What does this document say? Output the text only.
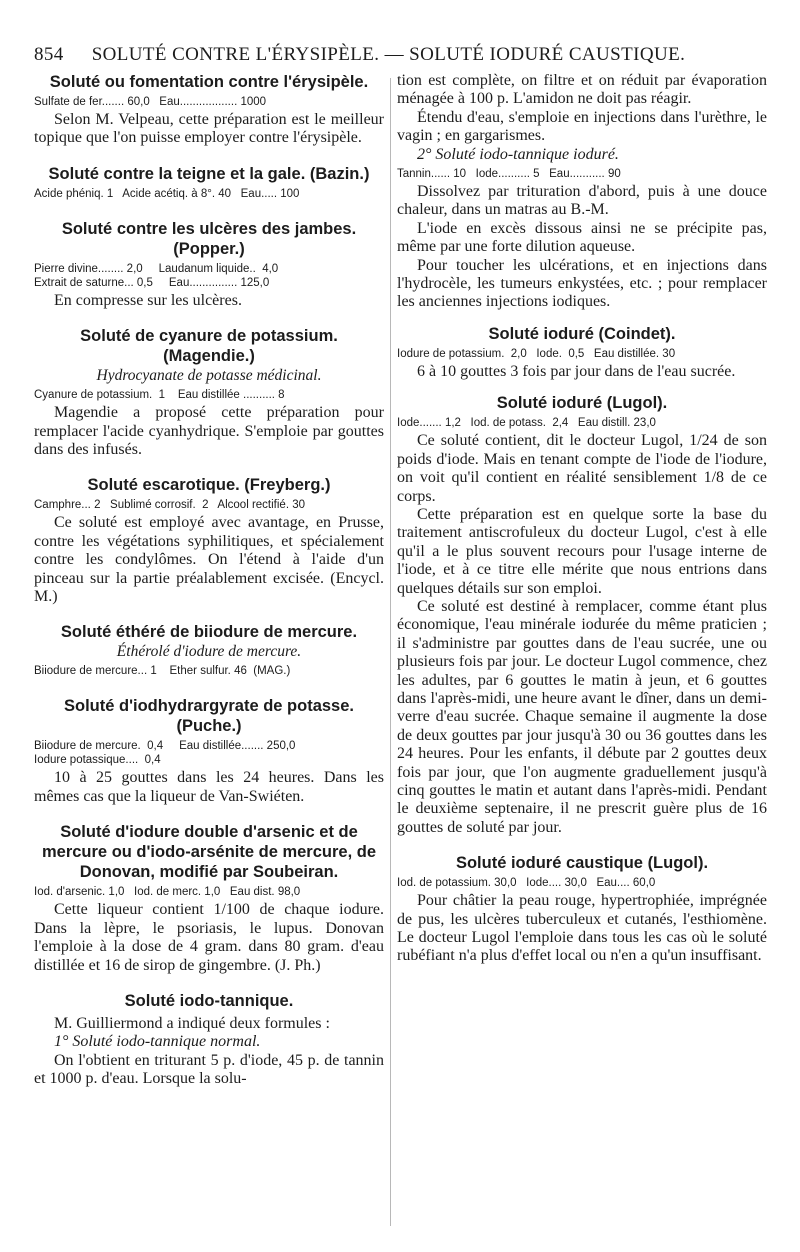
854 SOLUTÉ CONTRE L'ÉRYSIPÈLE. — SOLUTÉ IODURÉ CAUSTIQUE.
Soluté ou fomentation contre l'érysipèle.
Sulfate de fer....... 60,0   Eau.................. 1000

Selon M. Velpeau, cette préparation est le meilleur topique que l'on puisse employer contre l'érysipèle.

Soluté contre la teigne et la gale. (Bazin.)
Acide phéniq. 1   Acide acétiq. à 8°. 40   Eau..... 100
Soluté contre les ulcères des jambes. (Popper.)
Pierre divine........ 2,0     Laudanum liquide..  4,0
Extrait de saturne... 0,5     Eau............... 125,0

En compresse sur les ulcères.

Soluté de cyanure de potassium. (Magendie.)
Hydrocyanate de potasse médicinal.
Cyanure de potassium.  1    Eau distillée .......... 8

Magendie a proposé cette préparation pour remplacer l'acide cyanhydrique. S'emploie par gouttes dans des infusés.

Soluté escarotique. (Freyberg.)
Camphre... 2   Sublimé corrosif.  2   Alcool rectifié. 30

Ce soluté est employé avec avantage, en Prusse, contre les végétations syphilitiques, et spécialement contre les condylômes. On l'étend à l'aide d'un pinceau sur la partie préalablement excisée. (Encycl. M.)

Soluté éthéré de biiodure de mercure.
Éthérolé d'iodure de mercure.
Biiodure de mercure... 1    Ether sulfur. 46  (MAG.)
Soluté d'iodhydrargyrate de potasse. (Puche.)
Biiodure de mercure.  0,4     Eau distillée....... 250,0
Iodure potassique....  0,4

10 à 25 gouttes dans les 24 heures. Dans les mêmes cas que la liqueur de Van-Swiéten.

Soluté d'iodure double d'arsenic et de mercure ou d'iodo-arsénite de mercure, de Donovan, modifié par Soubeiran.
Iod. d'arsenic. 1,0   Iod. de merc. 1,0   Eau dist. 98,0

Cette liqueur contient 1/100 de chaque iodure. Dans la lèpre, le psoriasis, le lupus. Donovan l'emploie à la dose de 4 gram. dans 80 gram. d'eau distillée et 16 de sirop de gingembre. (J. Ph.)

Soluté iodo-tannique.

M. Guilliermond a indiqué deux formules :

1° Soluté iodo-tannique normal.

On l'obtient en triturant 5 p. d'iode, 45 p. de tannin et 1000 p. d'eau. Lorsque la solu-

tion est complète, on filtre et on réduit par évaporation ménagée à 100 p. L'amidon ne doit pas réagir.

Étendu d'eau, s'emploie en injections dans l'urèthre, le vagin ; en gargarismes.

2° Soluté iodo-tannique ioduré.

Tannin...... 10   Iode.......... 5   Eau........... 90

Dissolvez par trituration d'abord, puis à une douce chaleur, dans un matras au B.-M.

L'iode en excès dissous ainsi ne se précipite pas, même par une forte dilution aqueuse.

Pour toucher les ulcérations, et en injections dans l'hydrocèle, les tumeurs enkystées, etc. ; pour remplacer les anciennes injections iodiques.

Soluté ioduré (Coindet).
Iodure de potassium.  2,0   Iode.  0,5   Eau distillée. 30

6 à 10 gouttes 3 fois par jour dans de l'eau sucrée.

Soluté ioduré (Lugol).
Iode....... 1,2   Iod. de potass.  2,4   Eau distill. 23,0

Ce soluté contient, dit le docteur Lugol, 1/24 de son poids d'iode. Mais en tenant compte de l'iode de l'iodure, on voit qu'il contient en réalité sensiblement 1/8 de ce corps.

Cette préparation est en quelque sorte la base du traitement antiscrofuleux du docteur Lugol, c'est à elle qu'il a le plus souvent recours pour l'usage interne de l'iode, et à ce titre elle mérite que nous entrions dans quelques détails sur son emploi.

Ce soluté est destiné à remplacer, comme étant plus économique, l'eau minérale iodurée du même praticien ; il s'administre par gouttes dans de l'eau sucrée, une ou plusieurs fois par jour. Le docteur Lugol commence, chez les adultes, par 6 gouttes le matin à jeun, et 6 gouttes dans l'après-midi, une heure avant le dîner, dans un demi-verre d'eau sucrée. Chaque semaine il augmente la dose de deux gouttes par jour jusqu'à 30 ou 36 gouttes dans les 24 heures. Pour les enfants, il débute par 2 gouttes deux fois par jour, que l'on augmente graduellement jusqu'à cinq gouttes le matin et autant dans l'après-midi. Pendant le deuxième septenaire, il ne prescrit guère plus de 16 gouttes de soluté par jour.

Soluté ioduré caustique (Lugol).
Iod. de potassium. 30,0   Iode.... 30,0   Eau.... 60,0

Pour châtier la peau rouge, hypertrophiée, imprégnée de pus, les ulcères tuberculeux et cutanés, l'esthiomène. Le docteur Lugol l'emploie dans tous les cas où le soluté rubéfiant n'a plus d'effet local ou n'en a qu'un insuffisant.
